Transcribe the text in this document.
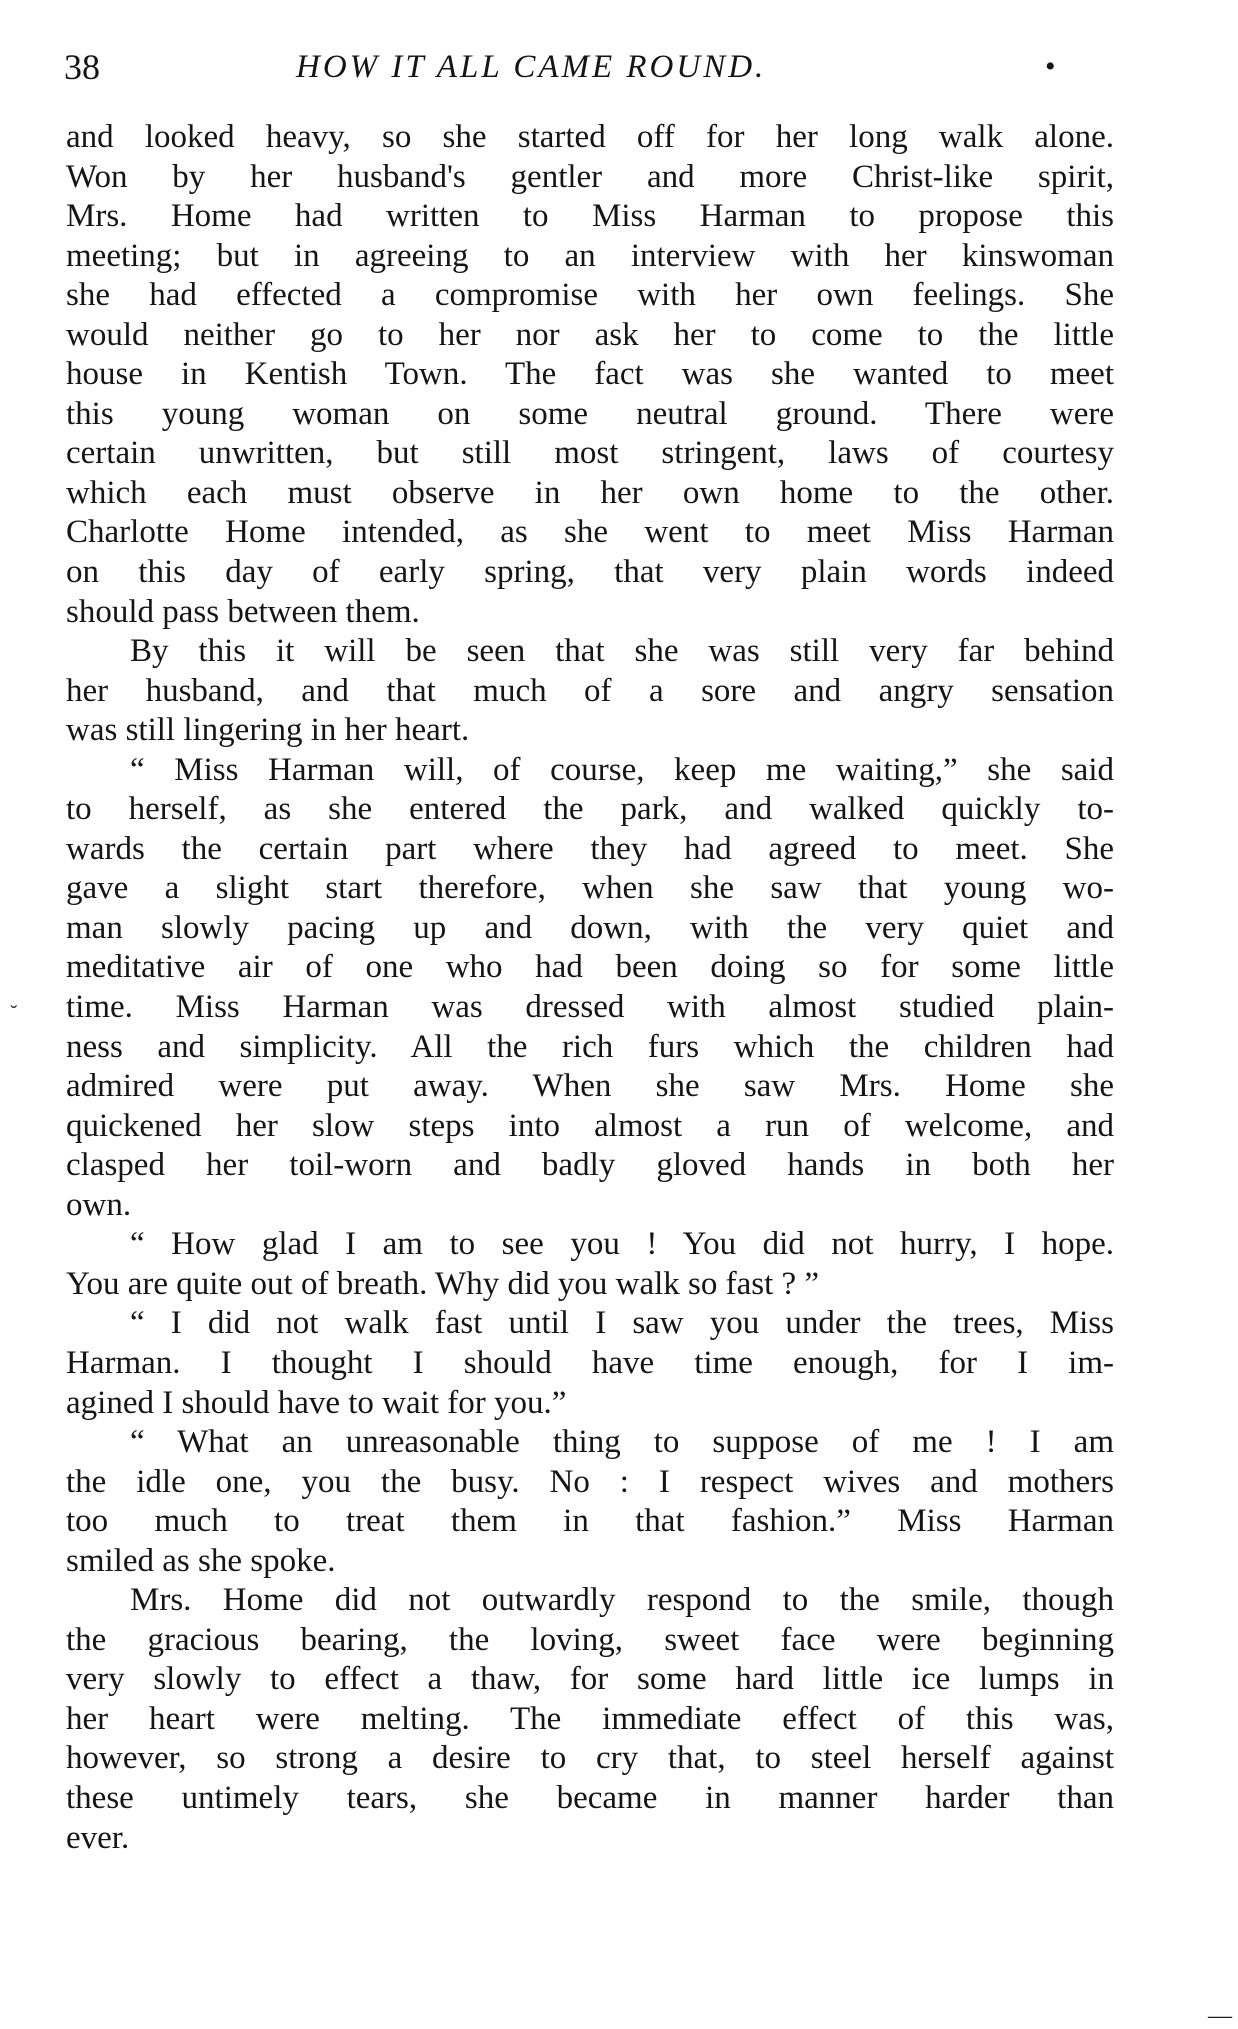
38	HOW IT ALL CAME ROUND.	•
˘
—
and looked heavy, so she started off for her long walk alone.
Won by her husband's gentler and more Christ-like spirit,
Mrs. Home had written to Miss Harman to propose this
meeting; but in agreeing to an interview with her kinswoman
she had effected a compromise with her own feelings. She
would neither go to her nor ask her to come to the little
house in Kentish Town. The fact was she wanted to meet
this young woman on some neutral ground. There were
certain unwritten, but still most stringent, laws of courtesy
which each must observe in her own home to the other.
Charlotte Home intended, as she went to meet Miss Harman
on this day of early spring, that very plain words indeed
should pass between them.
By this it will be seen that she was still very far behind
her husband, and that much of a sore and angry sensation
was still lingering in her heart.
“ Miss Harman will, of course, keep me waiting,” she said
to herself, as she entered the park, and walked quickly to-
wards the certain part where they had agreed to meet. She
gave a slight start therefore, when she saw that young wo-
man slowly pacing up and down, with the very quiet and
meditative air of one who had been doing so for some little
time. Miss Harman was dressed with almost studied plain-
ness and simplicity. All the rich furs which the children had
admired were put away. When she saw Mrs. Home she
quickened her slow steps into almost a run of welcome, and
clasped her toil-worn and badly gloved hands in both her
own.
“ How glad I am to see you ! You did not hurry, I hope.
You are quite out of breath. Why did you walk so fast ? ”
“ I did not walk fast until I saw you under the trees, Miss
Harman. I thought I should have time enough, for I im-
agined I should have to wait for you.”
“ What an unreasonable thing to suppose of me ! I am
the idle one, you the busy. No : I respect wives and mothers
too much to treat them in that fashion.” Miss Harman
smiled as she spoke.
Mrs. Home did not outwardly respond to the smile, though
the gracious bearing, the loving, sweet face were beginning
very slowly to effect a thaw, for some hard little ice lumps in
her heart were melting. The immediate effect of this was,
however, so strong a desire to cry that, to steel herself against
these untimely tears, she became in manner harder than
ever.
